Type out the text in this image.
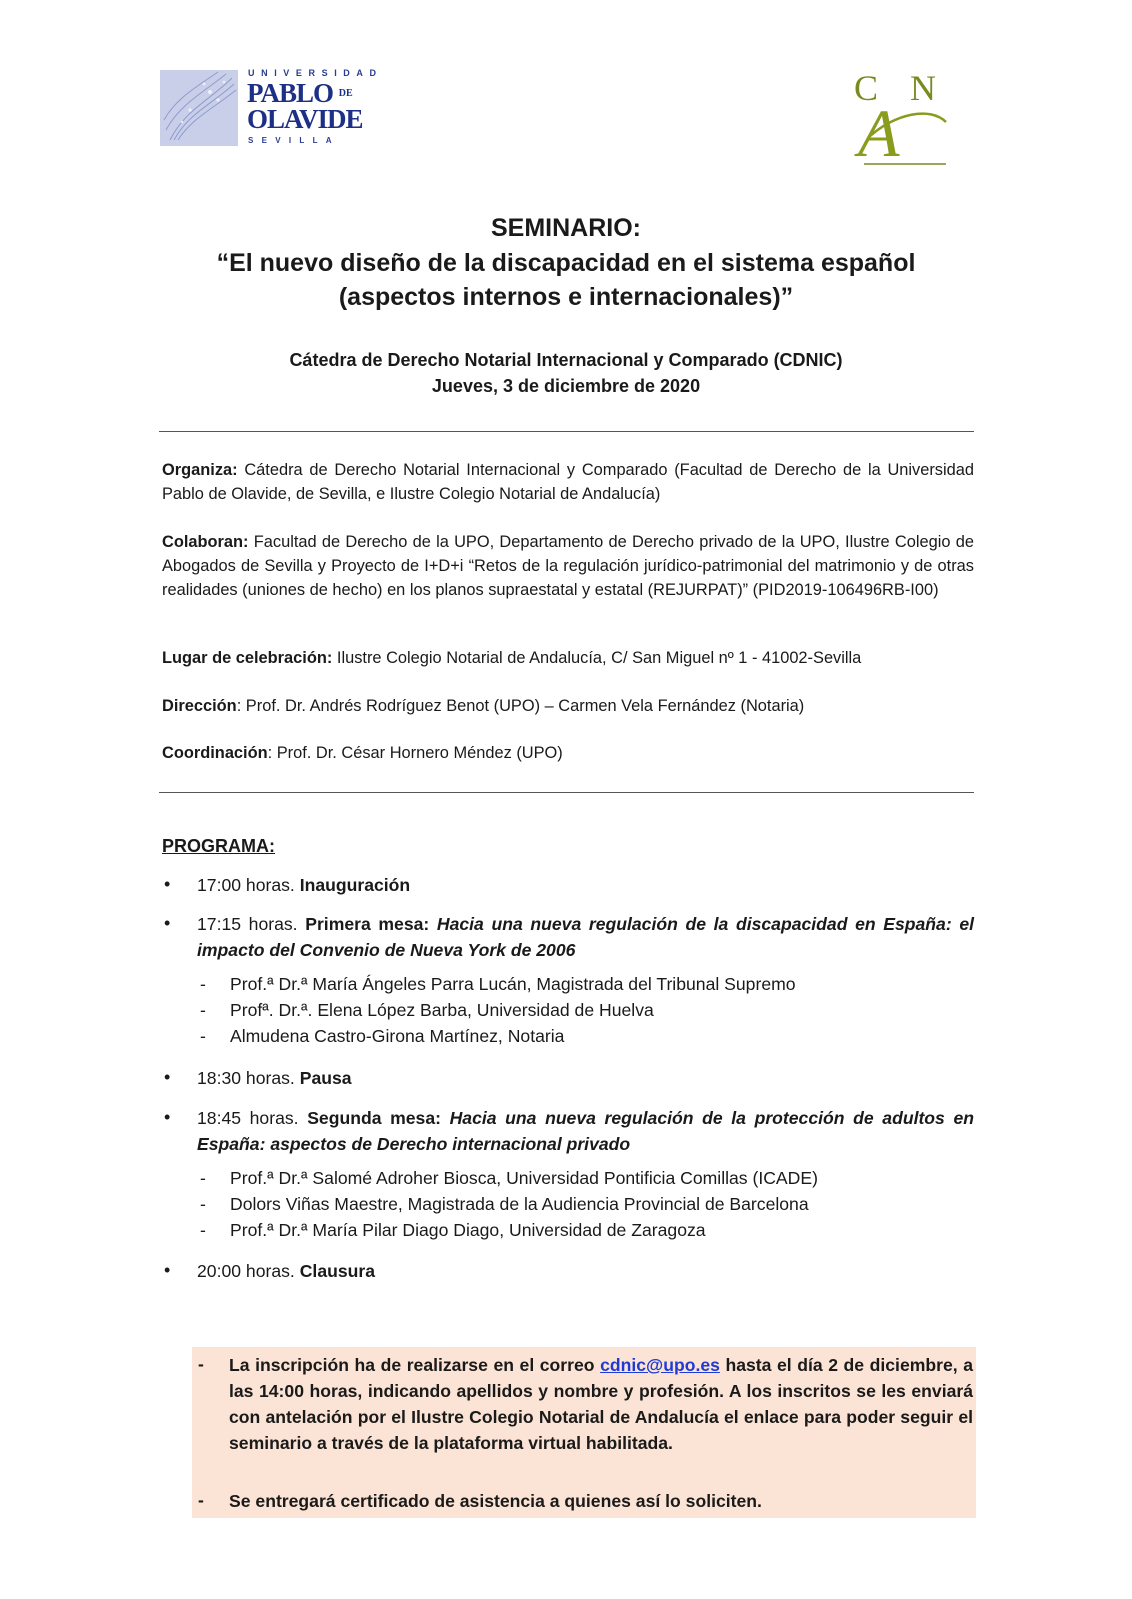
UNIVERSIDAD
PABLO $^{DE}$
OLAVIDE
SEVILLA
C N
A
SEMINARIO:
“El nuevo diseño de la discapacidad en el sistema español
(aspectos internos e internacionales)”
Cátedra de Derecho Notarial Internacional y Comparado (CDNIC)
Jueves, 3 de diciembre de 2020
Organiza: Cátedra de Derecho Notarial Internacional y Comparado (Facultad de Derecho de la Universidad Pablo de Olavide, de Sevilla, e Ilustre Colegio Notarial de Andalucía)
Colaboran: Facultad de Derecho de la UPO, Departamento de Derecho privado de la UPO, Ilustre Colegio de Abogados de Sevilla y Proyecto de I+D+i “Retos de la regulación jurídico-patrimonial del matrimonio y de otras realidades (uniones de hecho) en los planos supraestatal y estatal (REJURPAT)” (PID2019-106496RB-I00)
Lugar de celebración: Ilustre Colegio Notarial de Andalucía, C/ San Miguel nº 1 - 41002-Sevilla
Dirección: Prof. Dr. Andrés Rodríguez Benot (UPO) – Carmen Vela Fernández (Notaria)
Coordinación: Prof. Dr. César Hornero Méndez (UPO)
PROGRAMA:
• 17:00 horas. Inauguración
• 17:15 horas. Primera mesa: Hacia una nueva regulación de la discapacidad en España: el impacto del Convenio de Nueva York de 2006
- Prof.ª Dr.ª María Ángeles Parra Lucán, Magistrada del Tribunal Supremo
- Profª. Dr.ª. Elena López Barba, Universidad de Huelva
- Almudena Castro-Girona Martínez, Notaria
• 18:30 horas. Pausa
• 18:45 horas. Segunda mesa: Hacia una nueva regulación de la protección de adultos en España: aspectos de Derecho internacional privado
- Prof.ª Dr.ª Salomé Adroher Biosca, Universidad Pontificia Comillas (ICADE)
- Dolors Viñas Maestre, Magistrada de la Audiencia Provincial de Barcelona
- Prof.ª Dr.ª María Pilar Diago Diago, Universidad de Zaragoza
• 20:00 horas. Clausura
- La inscripción ha de realizarse en el correo cdnic@upo.es hasta el día 2 de diciembre, a las 14:00 horas, indicando apellidos y nombre y profesión. A los inscritos se les enviará con antelación por el Ilustre Colegio Notarial de Andalucía el enlace para poder seguir el seminario a través de la plataforma virtual habilitada.
- Se entregará certificado de asistencia a quienes así lo soliciten.
